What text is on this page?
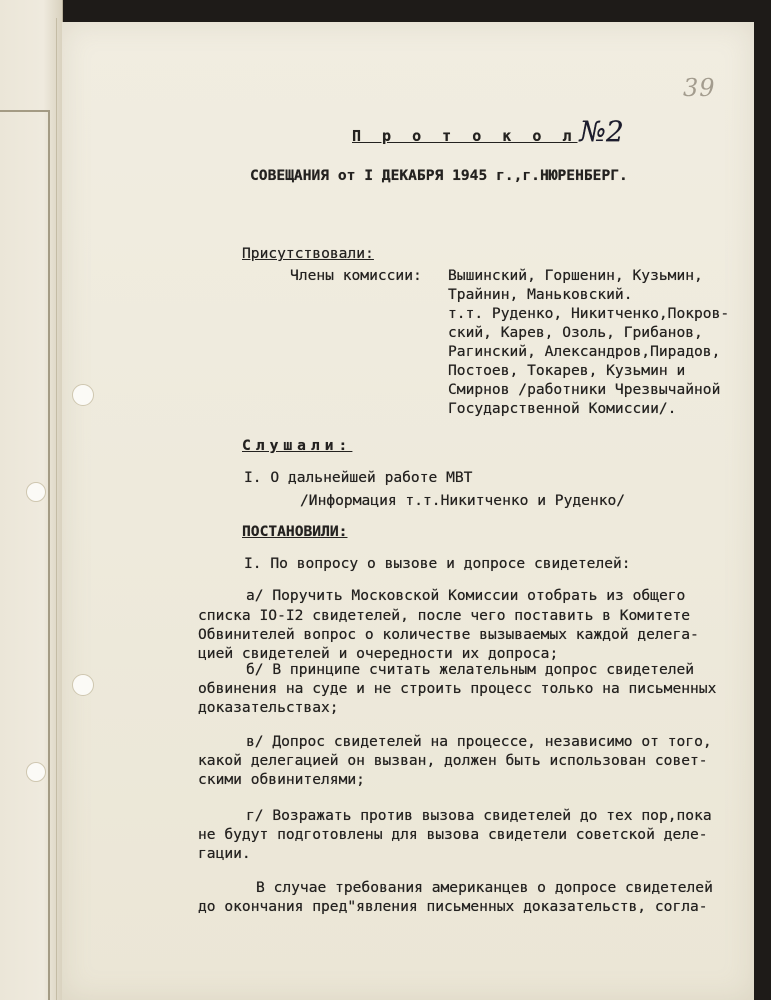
39
П р о т о к о л№2
СОВЕЩАНИЯ от I ДЕКАБРЯ 1945 г.,г.НЮРЕНБЕРГ.
Присутствовали:
Члены комиссии: Вышинский, Горшенин, Кузьмин,
Трайнин, Маньковский.
т.т. Руденко, Никитченко,Покров-
ский, Карев, Озоль, Грибанов,
Рагинский, Александров,Пирадов,
Постоев, Токарев, Кузьмин и
Смирнов /работники Чрезвычайной
Государственной Комиссии/.
Слушали:
I. О дальнейшей работе МВТ
/Информация т.т.Никитченко и Руденко/
ПОСТАНОВИЛИ:
I. По вопросу о вызове и допросе свидетелей:
а/ Поручить Московской Комиссии отобрать из общего
списка IO-I2 свидетелей, после чего поставить в Комитете
Обвинителей вопрос о количестве вызываемых каждой делега-
цией свидетелей и очередности их допроса;
б/ В принципе считать желательным допрос свидетелей
обвинения на суде и не строить процесс только на письменных
доказательствах;
в/ Допрос свидетелей на процессе, независимо от того,
какой делегацией он вызван, должен быть использован совет-
скими обвинителями;
г/ Возражать против вызова свидетелей до тех пор,пока
не будут подготовлены для вызова свидетели советской деле-
гации.
В случае требования американцев о допросе свидетелей
до окончания пред"явления письменных доказательств, согла-
